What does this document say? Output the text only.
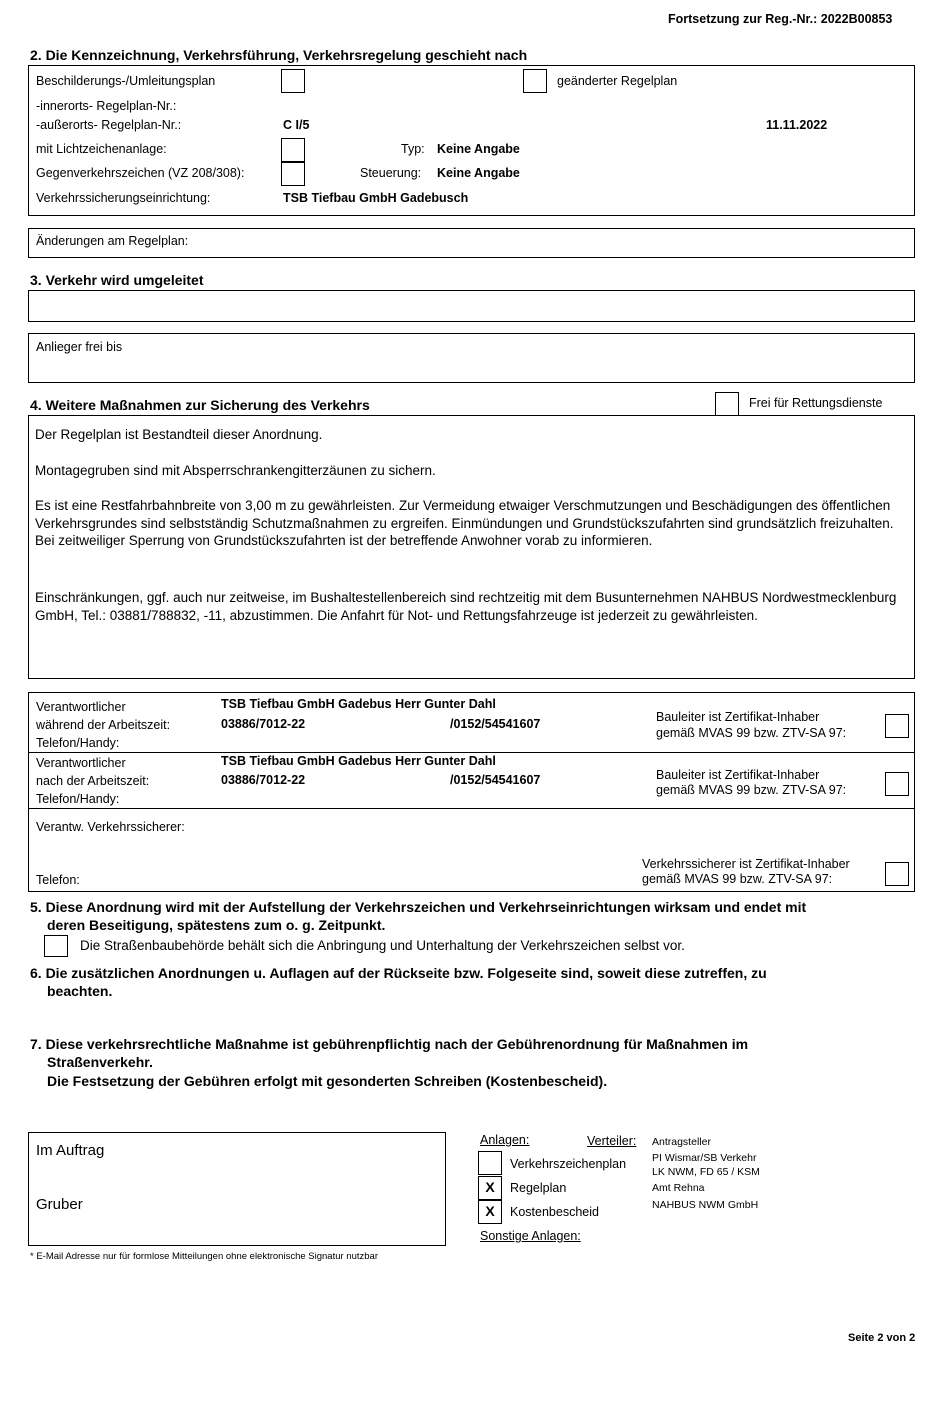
Fortsetzung zur Reg.-Nr.: 2022B00853
2. Die Kennzeichnung, Verkehrsführung, Verkehrsregelung geschieht nach
Beschilderungs-/Umleitungsplan	geänderter Regelplan
-innerorts- Regelplan-Nr.:
-außerorts- Regelplan-Nr.:	C I/5	11.11.2022
mit Lichtzeichenanlage:	Typ: Keine Angabe
Gegenverkehrszeichen (VZ 208/308):	Steuerung: Keine Angabe
Verkehrssicherungseinrichtung:	TSB Tiefbau GmbH Gadebusch
Änderungen am Regelplan:
3. Verkehr wird umgeleitet
Anlieger frei bis
4. Weitere Maßnahmen zur Sicherung des Verkehrs	Frei für Rettungsdienste
Der Regelplan ist Bestandteil dieser Anordnung.
Montagegruben sind mit Absperrschrankengitterzäunen zu sichern.
Es ist eine Restfahrbahnbreite von 3,00 m zu gewährleisten. Zur Vermeidung etwaiger Verschmutzungen und Beschädigungen des öffentlichen Verkehrsgrundes sind selbstständig Schutzmaßnahmen zu ergreifen. Einmündungen und Grundstückszufahrten sind grundsätzlich freizuhalten. Bei zeitweiliger Sperrung von Grundstückszufahrten ist der betreffende Anwohner vorab zu informieren.
Einschränkungen, ggf. auch nur zeitweise, im Bushaltestellenbereich sind rechtzeitig mit dem Busunternehmen NAHBUS Nordwestmecklenburg GmbH, Tel.: 03881/788832, -11, abzustimmen. Die Anfahrt für Not- und Rettungsfahrzeuge ist jederzeit zu gewährleisten.
Verantwortlicher
während der Arbeitszeit:
Telefon/Handy:
TSB Tiefbau GmbH Gadebus Herr Gunter Dahl
03886/7012-22	/0152/54541607	Bauleiter ist Zertifikat-Inhaber
gemäß MVAS 99 bzw. ZTV-SA 97:
Verantwortlicher
nach der Arbeitszeit:
Telefon/Handy:
TSB Tiefbau GmbH Gadebus Herr Gunter Dahl
03886/7012-22	/0152/54541607	Bauleiter ist Zertifikat-Inhaber
gemäß MVAS 99 bzw. ZTV-SA 97:
Verantw. Verkehrssicherer:
Telefon:
Verkehrssicherer ist Zertifikat-Inhaber
gemäß MVAS 99 bzw. ZTV-SA 97:
5. Diese Anordnung wird mit der Aufstellung der Verkehrszeichen und Verkehrseinrichtungen wirksam und endet mit
deren Beseitigung, spätestens zum o. g. Zeitpunkt.
Die Straßenbaubehörde behält sich die Anbringung und Unterhaltung der Verkehrszeichen selbst vor.
6. Die zusätzlichen Anordnungen u. Auflagen auf der Rückseite bzw. Folgeseite sind, soweit diese zutreffen, zu
beachten.
7. Diese verkehrsrechtliche Maßnahme ist gebührenpflichtig nach der Gebührenordnung für Maßnahmen im
Straßenverkehr.
Die Festsetzung der Gebühren erfolgt mit gesonderten Schreiben (Kostenbescheid).
Im Auftrag
Gruber
Anlagen:
Verkehrszeichenplan
X	Regelplan
X	Kostenbescheid
Sonstige Anlagen:
Verteiler: Antragsteller
PI Wismar/SB Verkehr
LK NWM, FD 65 / KSM
Amt Rehna
NAHBUS NWM GmbH
* E-Mail Adresse nur für formlose Mitteilungen ohne elektronische Signatur nutzbar
Seite 2 von 2
